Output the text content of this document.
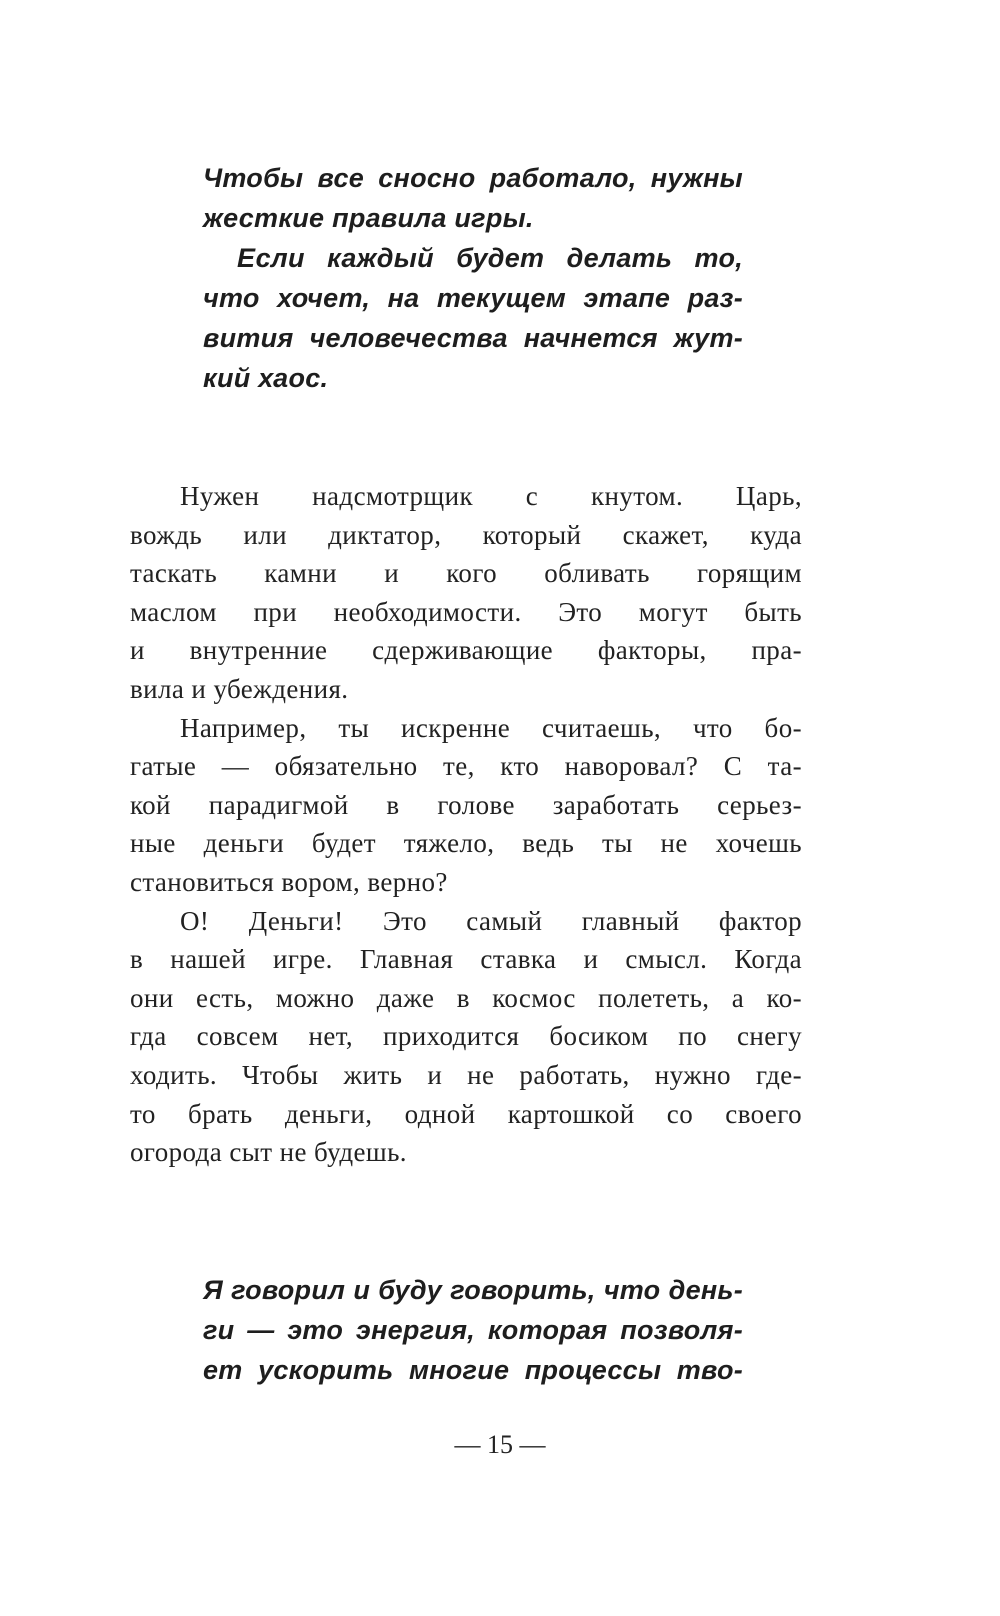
Чтобы все сносно работало, нужны
жесткие правила игры.
Если каждый будет делать то,
что хочет, на текущем этапе раз-
вития человечества начнется жут-
кий хаос.
Нужен надсмотрщик с кнутом. Царь,
вождь или диктатор, который скажет, куда
таскать камни и кого обливать горящим
маслом при необходимости. Это могут быть
и внутренние сдерживающие факторы, пра-
вила и убеждения.
Например, ты искренне считаешь, что бо-
гатые — обязательно те, кто наворовал? С та-
кой парадигмой в голове заработать серьез-
ные деньги будет тяжело, ведь ты не хочешь
становиться вором, верно?
О! Деньги! Это самый главный фактор
в нашей игре. Главная ставка и смысл. Когда
они есть, можно даже в космос полететь, а ко-
гда совсем нет, приходится босиком по снегу
ходить. Чтобы жить и не работать, нужно где-
то брать деньги, одной картошкой со своего
огорода сыт не будешь.
Я говорил и буду говорить, что день-
ги — это энергия, которая позволя-
ет ускорить многие процессы тво-
— 15 —
